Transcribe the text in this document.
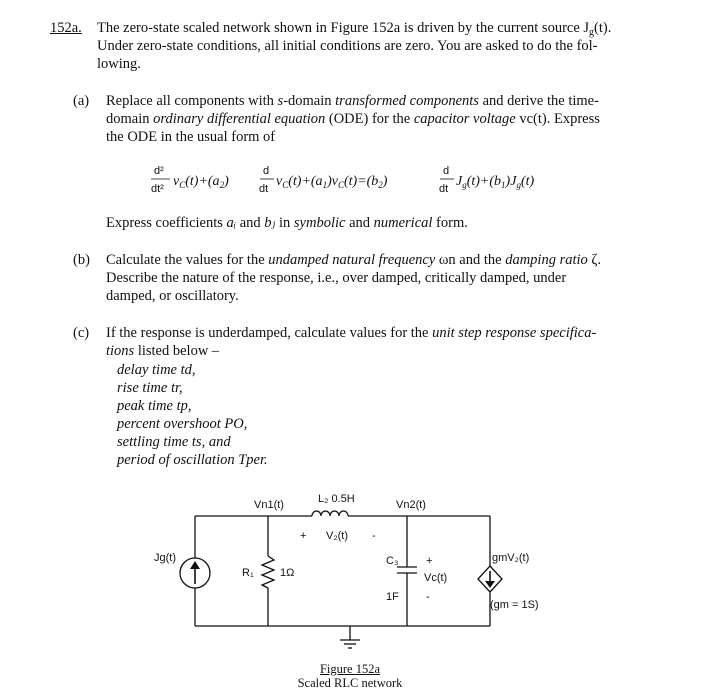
152a. The zero-state scaled network shown in Figure 152a is driven by the current source $J_g(t)$.
Under zero-state conditions, all initial conditions are zero. You are asked to do the fol-
lowing.
(a) Replace all components with s-domain transformed components and derive the time-
domain ordinary differential equation (ODE) for the capacitor voltage vc(t). Express
the ODE in the usual form of
d²
dt² $v_C(t)+(a_2)$
d
dt $v_C(t)+(a_1)v_C(t)=(b_2)$
d
dt $J_g(t)+(b_1)J_g(t)$
Express coefficients aᵢ and bⱼ in symbolic and numerical form.
(b) Calculate the values for the undamped natural frequency ωn and the damping ratio ζ.
Describe the nature of the response, i.e., over damped, critically damped, under
damped, or oscillatory.
(c) If the response is underdamped, calculate values for the unit step response specifica-
tions listed below –
delay time td,
rise time tr,
peak time tp,
percent overshoot PO,
settling time ts, and
period of oscillation Tper.
L₂ 0.5H
Vn1(t)	Vn2(t)
+ V₂(t) -
Jg(t)
R₁ 1Ω
C₃
1F
+
Vc(t)
-
gmV₂(t)
(gm = 1S)
Figure 152a
Scaled RLC network
